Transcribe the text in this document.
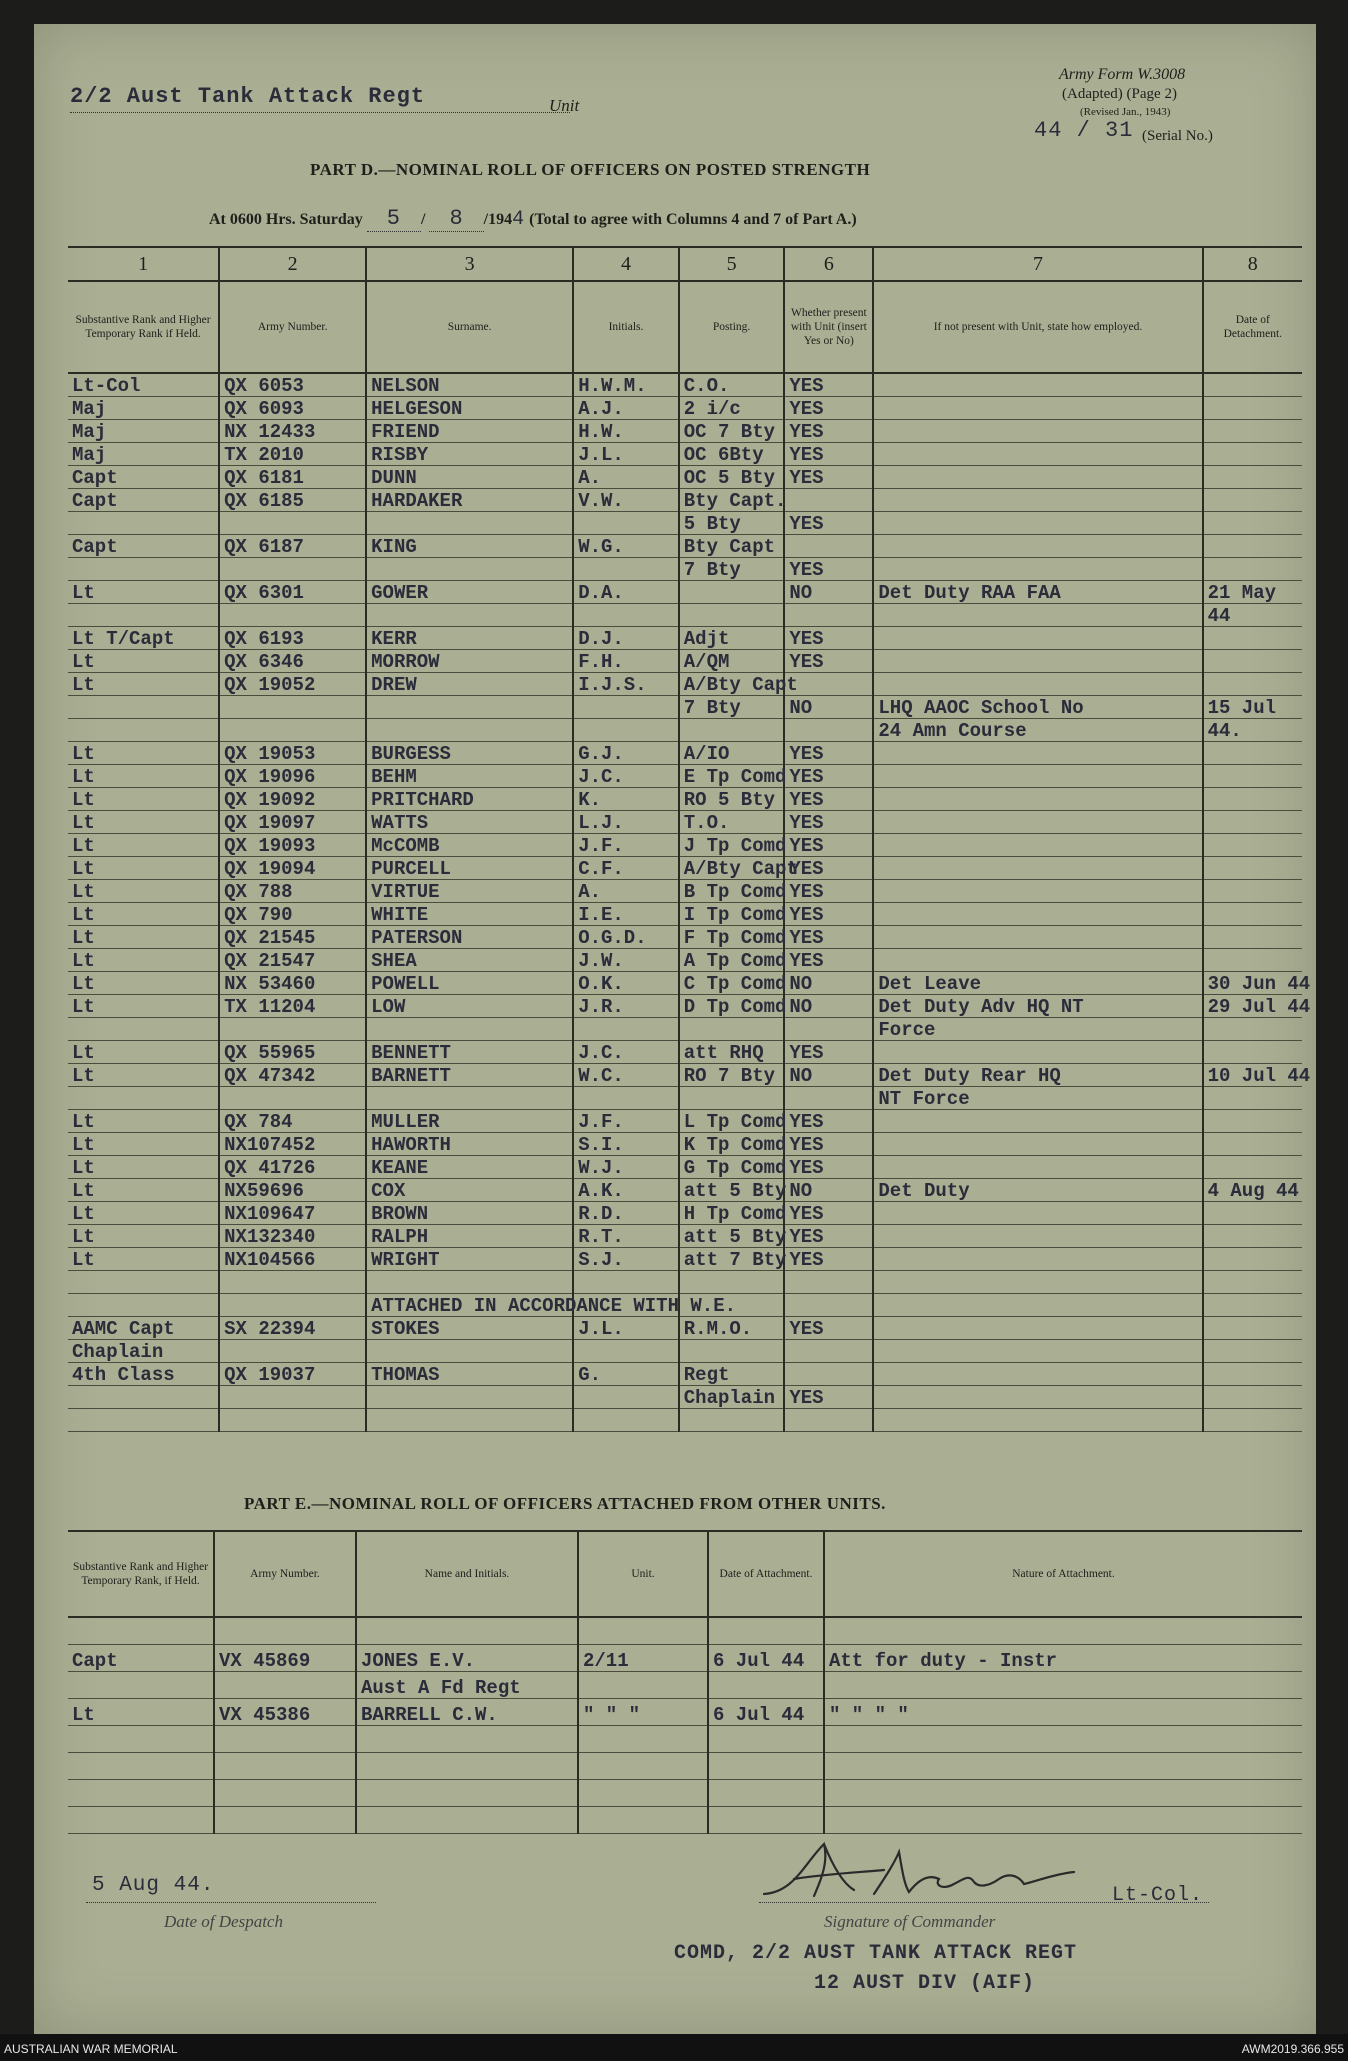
2/2 Aust Tank Attack Regt	Unit
Army Form W.3008
(Adapted) (Page 2)
(Revised Jan., 1943)
44 / 31 (Serial No.)
PART D.—NOMINAL ROLL OF OFFICERS ON POSTED STRENGTH
At 0600 Hrs. Saturday 5 / 8 /1944 (Total to agree with Columns 4 and 7 of Part A.)
1	2	3	4	5	6	7	8
Substantive Rank and Higher Temporary Rank if Held.	Army Number.	Surname.	Initials.	Posting.	Whether present with Unit (insert Yes or No)	If not present with Unit, state how employed.	Date of Detachment.
Lt-Col	QX 6053	NELSON	H.W.M.	C.O.	YES		
Maj	QX 6093	HELGESON	A.J.	2 i/c	YES		
Maj	NX 12433	FRIEND	H.W.	OC 7 Bty	YES		
Maj	TX 2010	RISBY	J.L.	OC 6Bty	YES		
Capt	QX 6181	DUNN	A.	OC 5 Bty	YES		
Capt	QX 6185	HARDAKER	V.W.	Bty Capt.			
				5 Bty	YES		
Capt	QX 6187	KING	W.G.	Bty Capt			
				7 Bty	YES		
Lt	QX 6301	GOWER	D.A.		NO	Det Duty RAA FAA	21 May
							44
Lt T/Capt	QX 6193	KERR	D.J.	Adjt	YES		
Lt	QX 6346	MORROW	F.H.	A/QM	YES		
Lt	QX 19052	DREW	I.J.S.	A/Bty Capt			
				7 Bty	NO	LHQ AAOC School No	15 Jul
						24 Amn Course	44.
Lt	QX 19053	BURGESS	G.J.	A/IO	YES		
Lt	QX 19096	BEHM	J.C.	E Tp Comd	YES		
Lt	QX 19092	PRITCHARD	K.	RO 5 Bty	YES		
Lt	QX 19097	WATTS	L.J.	T.O.	YES		
Lt	QX 19093	McCOMB	J.F.	J Tp Comd	YES		
Lt	QX 19094	PURCELL	C.F.	A/Bty Capt	YES		
Lt	QX 788	VIRTUE	A.	B Tp Comd	YES		
Lt	QX 790	WHITE	I.E.	I Tp Comd	YES		
Lt	QX 21545	PATERSON	O.G.D.	F Tp Comd	YES		
Lt	QX 21547	SHEA	J.W.	A Tp Comd	YES		
Lt	NX 53460	POWELL	O.K.	C Tp Comd	NO	Det Leave	30 Jun 44
Lt	TX 11204	LOW	J.R.	D Tp Comd	NO	Det Duty Adv HQ NT	29 Jul 44
						Force	
Lt	QX 55965	BENNETT	J.C.	att RHQ	YES		
Lt	QX 47342	BARNETT	W.C.	RO 7 Bty	NO	Det Duty Rear HQ	10 Jul 44
						NT Force	
Lt	QX 784	MULLER	J.F.	L Tp Comd	YES		
Lt	NX107452	HAWORTH	S.I.	K Tp Comd	YES		
Lt	QX 41726	KEANE	W.J.	G Tp Comd	YES		
Lt	NX59696	COX	A.K.	att 5 Bty	NO	Det Duty	4 Aug 44
Lt	NX109647	BROWN	R.D.	H Tp Comd	YES		
Lt	NX132340	RALPH	R.T.	att 5 Bty	YES		
Lt	NX104566	WRIGHT	S.J.	att 7 Bty	YES		

		ATTACHED IN ACCORDANCE WITH W.E.					
AAMC Capt	SX 22394	STOKES	J.L.	R.M.O.	YES		
Chaplain							
4th Class	QX 19037	THOMAS	G.	Regt			
				Chaplain	YES		

PART E.—NOMINAL ROLL OF OFFICERS ATTACHED FROM OTHER UNITS.
Substantive Rank and Higher Temporary Rank, if Held.	Army Number.	Name and Initials.	Unit.	Date of Attachment.	Nature of Attachment.

Capt	VX 45869	JONES E.V.	2/11	6 Jul 44	Att for duty - Instr
		Aust A Fd Regt			
Lt	VX 45386	BARRELL C.W.	" " "	6 Jul 44	" " " "

5 Aug 44.
Date of Despatch
Lt-Col.
Signature of Commander
COMD, 2/2 AUST TANK ATTACK REGT
12 AUST DIV (AIF)
AUSTRALIAN WAR MEMORIAL	AWM2019.366.955
